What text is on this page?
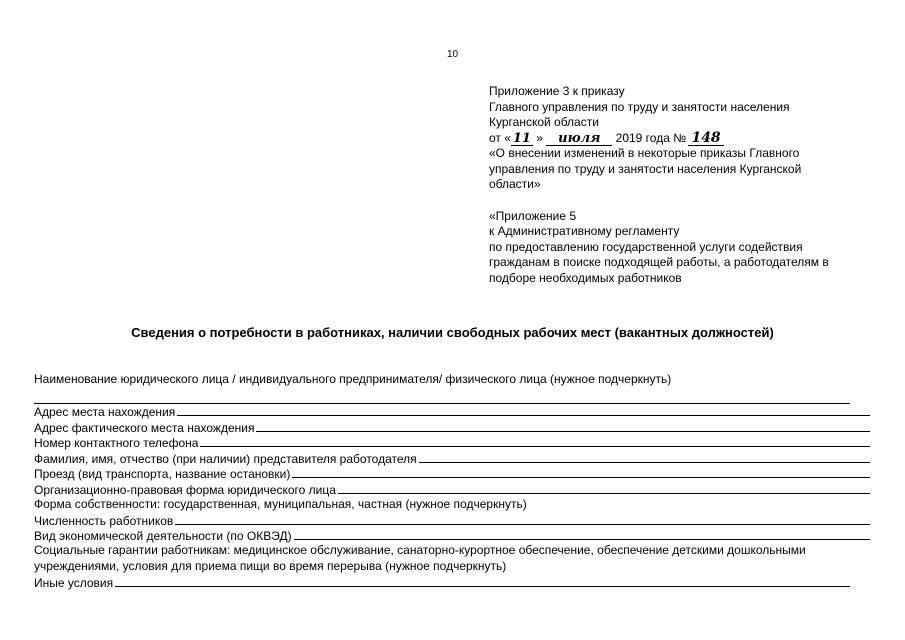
10
Приложение 3 к приказу
Главного управления по труду и занятости населения
Курганской области
от « 11 » июля 2019 года № 148
«О внесении изменений в некоторые приказы Главного
управления по труду и занятости населения Курганской
области»
«Приложение 5
к Административному регламенту
по предоставлению государственной услуги содействия
гражданам в поиске подходящей работы, а работодателям в
подборе необходимых работников
Сведения о потребности в работниках, наличии свободных рабочих мест (вакантных должностей)
Наименование юридического лица / индивидуального предпринимателя/ физического лица (нужное подчеркнуть)
Адрес места нахождения
Адрес фактического места нахождения
Номер контактного телефона
Фамилия, имя, отчество (при наличии) представителя работодателя
Проезд (вид транспорта, название остановки)
Организационно-правовая форма юридического лица
Форма собственности: государственная, муниципальная, частная (нужное подчеркнуть)
Численность работников
Вид экономической деятельности (по ОКВЭД)
Социальные гарантии работникам: медицинское обслуживание, санаторно-курортное обеспечение, обеспечение детскими дошкольными учреждениями, условия для приема пищи во время перерыва (нужное подчеркнуть)
Иные условия
